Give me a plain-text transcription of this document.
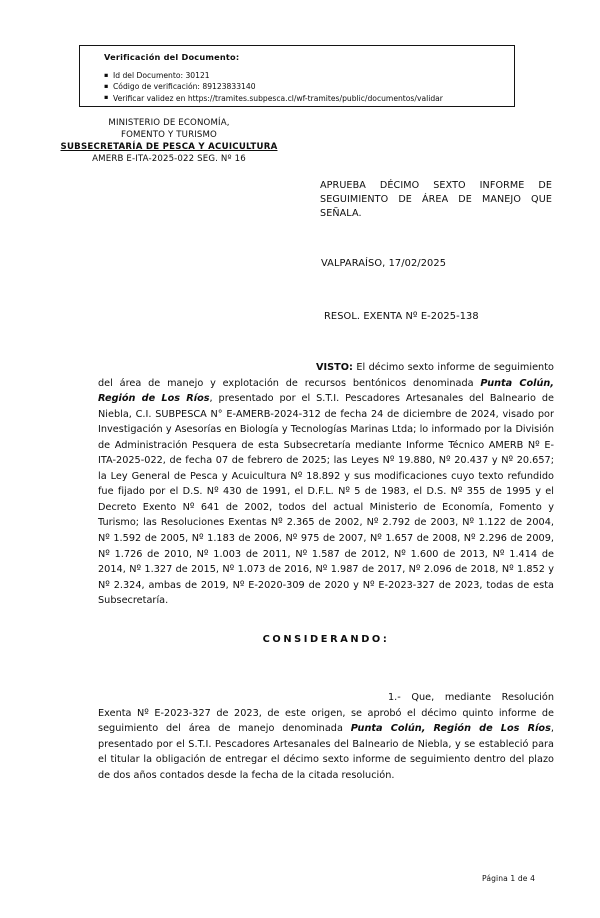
Verificación del Documento:
▪ Id del Documento: 30121
▪ Código de verificación: 89123833140
▪ Verificar validez en https://tramites.subpesca.cl/wf-tramites/public/documentos/validar
MINISTERIO DE ECONOMÍA,
FOMENTO Y TURISMO
SUBSECRETARÍA DE PESCA Y ACUICULTURA
AMERB E-ITA-2025-022 SEG. Nº 16
APRUEBA DÉCIMO SEXTO INFORME DE SEGUIMIENTO DE ÁREA DE MANEJO QUE SEÑALA.
VALPARAÍSO, 17/02/2025
RESOL. EXENTA Nº E-2025-138

VISTO: El décimo sexto informe de seguimiento del área de manejo y explotación de recursos bentónicos denominada Punta Colún, Región de Los Ríos, presentado por el S.T.I. Pescadores Artesanales del Balneario de Niebla, C.I. SUBPESCA N° E-AMERB-2024-312 de fecha 24 de diciembre de 2024, visado por Investigación y Asesorías en Biología y Tecnologías Marinas Ltda; lo informado por la División de Administración Pesquera de esta Subsecretaría mediante Informe Técnico AMERB Nº E-ITA-2025-022, de fecha 07 de febrero de 2025; las Leyes Nº 19.880, Nº 20.437 y Nº 20.657; la Ley General de Pesca y Acuicultura Nº 18.892 y sus modificaciones cuyo texto refundido fue fijado por el D.S. Nº 430 de 1991, el D.F.L. Nº 5 de 1983, el D.S. Nº 355 de 1995 y el Decreto Exento Nº 641 de 2002, todos del actual Ministerio de Economía, Fomento y Turismo; las Resoluciones Exentas Nº 2.365 de 2002, Nº 2.792 de 2003, Nº 1.122 de 2004, Nº 1.592 de 2005, Nº 1.183 de 2006, Nº 975 de 2007, Nº 1.657 de 2008, Nº 2.296 de 2009, Nº 1.726 de 2010, Nº 1.003 de 2011, Nº 1.587 de 2012, Nº 1.600 de 2013, Nº 1.414 de 2014, Nº 1.327 de 2015, Nº 1.073 de 2016, Nº 1.987 de 2017, Nº 2.096 de 2018, Nº 1.852 y Nº 2.324, ambas de 2019, Nº E-2020-309 de 2020 y Nº E-2023-327 de 2023, todas de esta Subsecretaría.

CONSIDERANDO:

1.- Que, mediante Resolución Exenta Nº E-2023-327 de 2023, de este origen, se aprobó el décimo quinto informe de seguimiento del área de manejo denominada Punta Colún, Región de Los Ríos, presentado por el S.T.I. Pescadores Artesanales del Balneario de Niebla, y se estableció para el titular la obligación de entregar el décimo sexto informe de seguimiento dentro del plazo de dos años contados desde la fecha de la citada resolución.

Página 1 de 4
